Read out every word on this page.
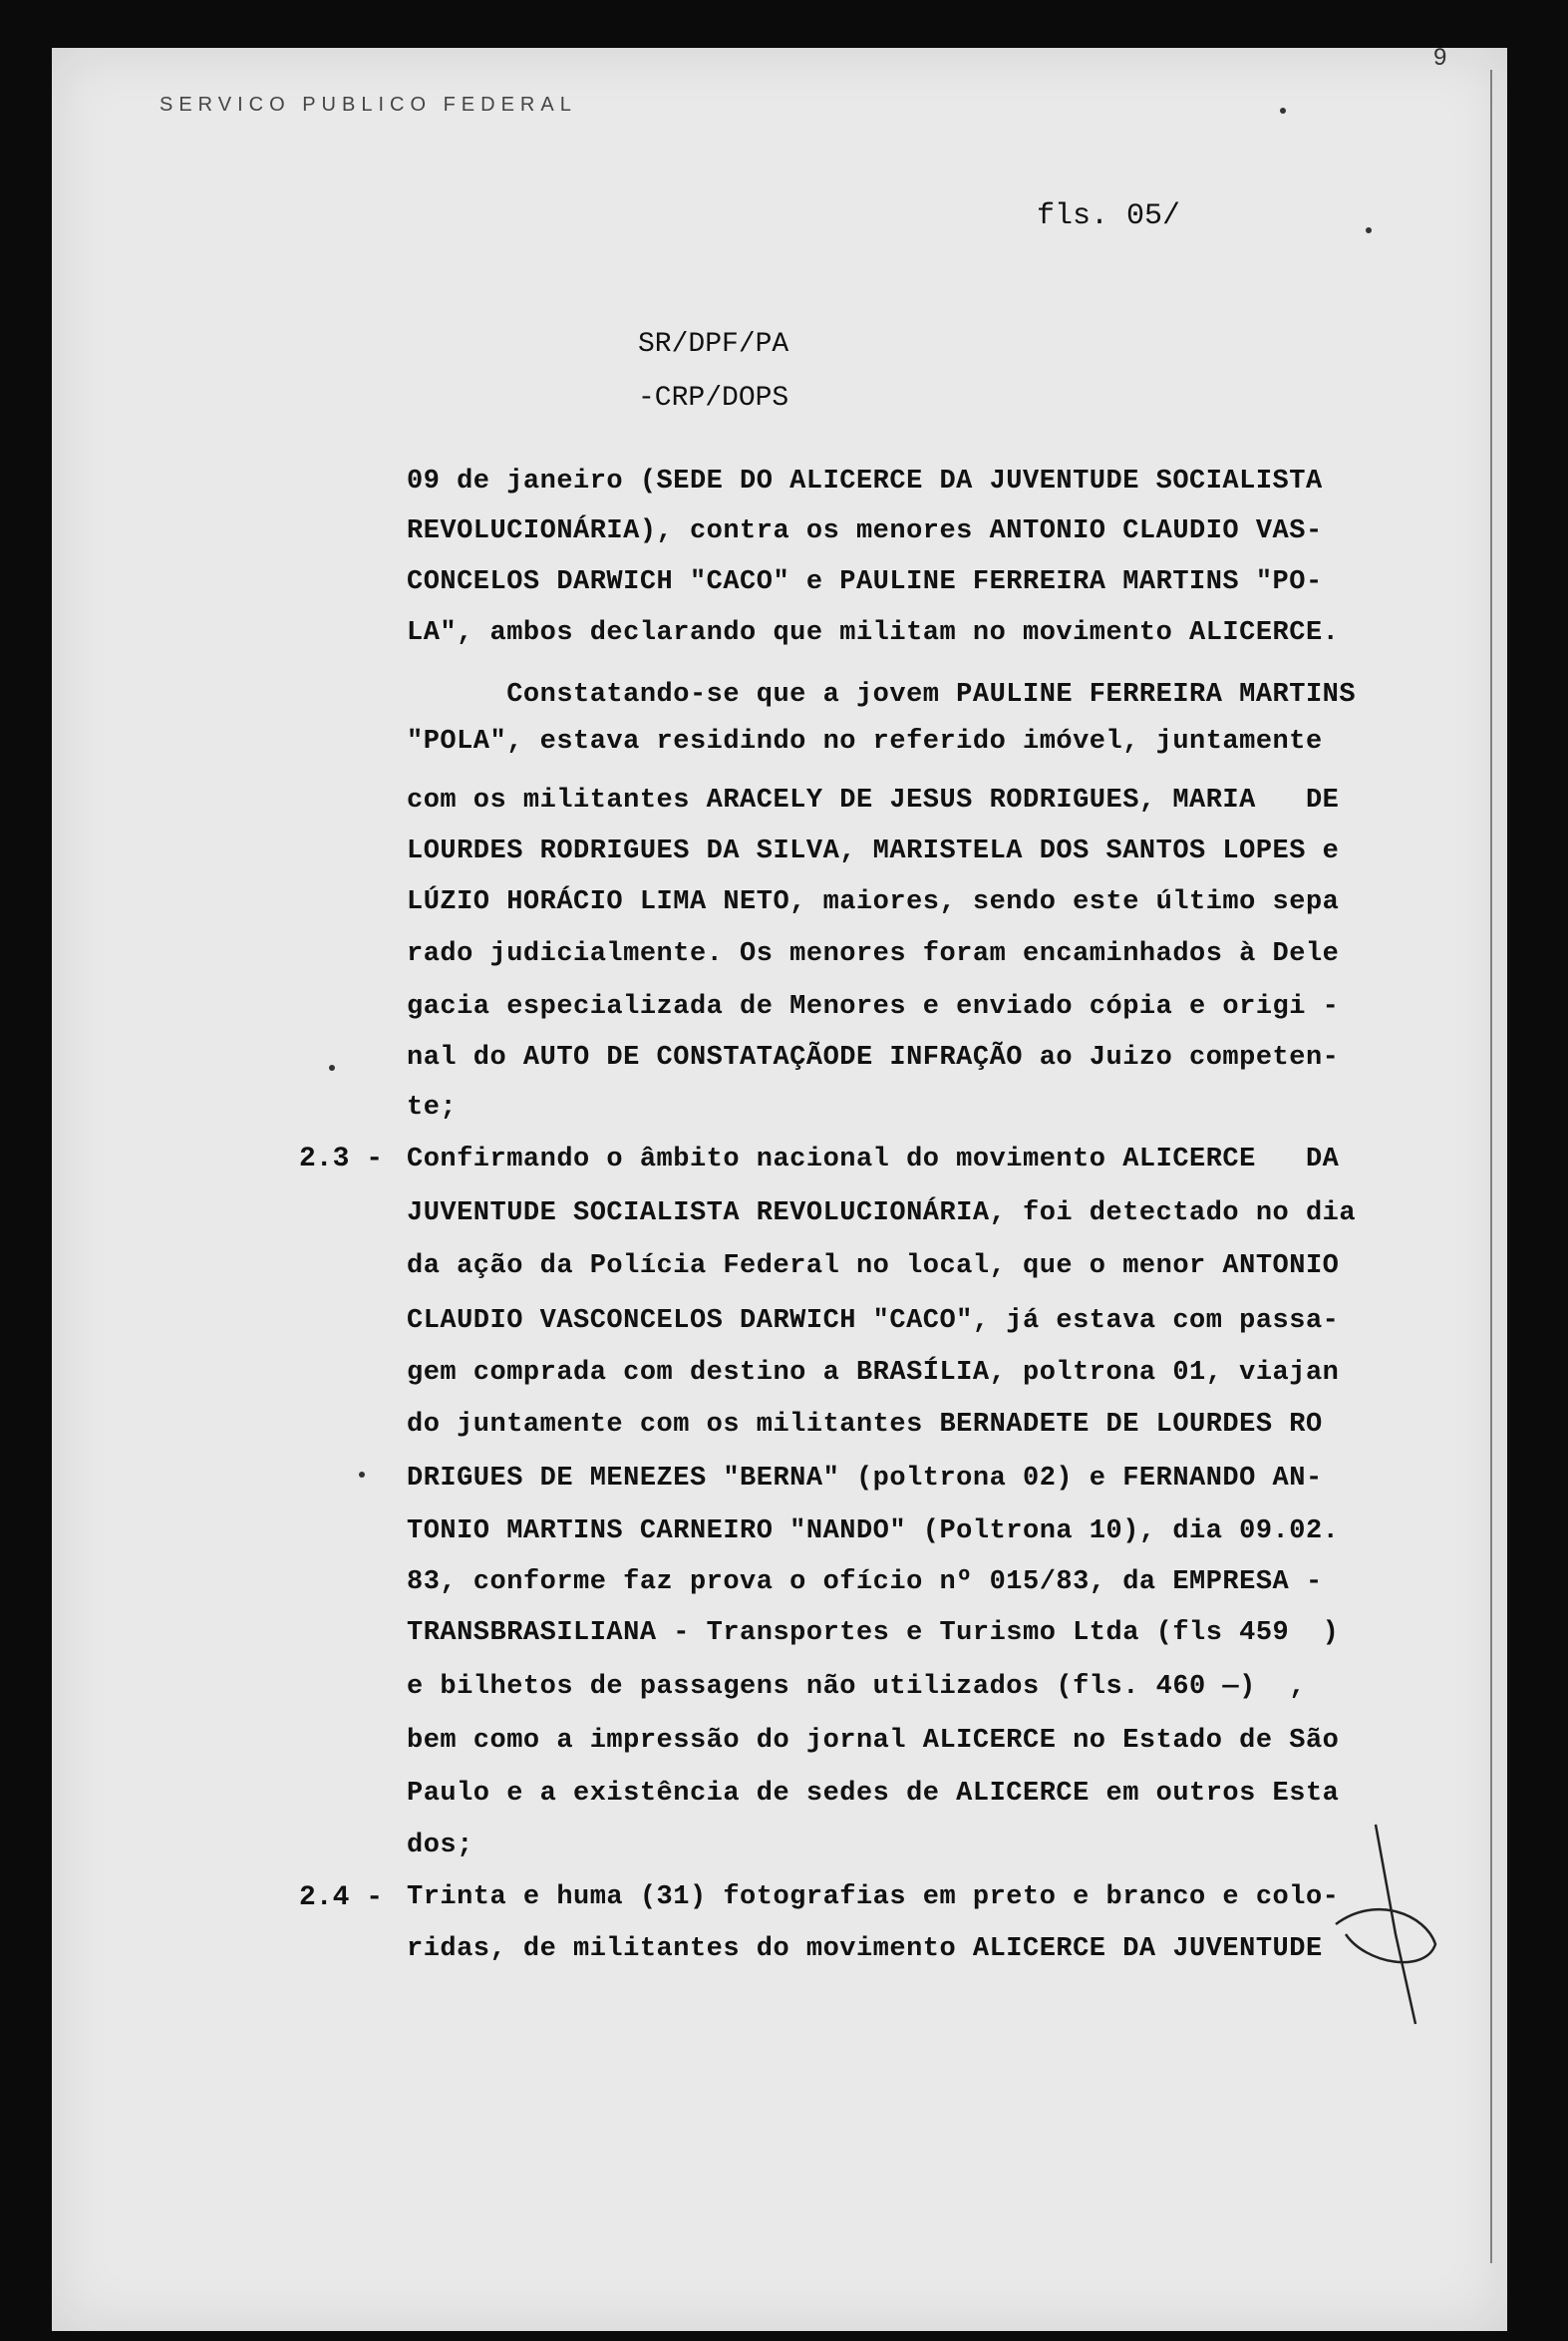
SERVICO PUBLICO FEDERAL
9
fls. 05/
SR/DPF/PA
-CRP/DOPS
09 de janeiro (SEDE DO ALICERCE DA JUVENTUDE SOCIALISTA
REVOLUCIONÁRIA), contra os menores ANTONIO CLAUDIO VAS-
CONCELOS DARWICH "CACO" e PAULINE FERREIRA MARTINS "PO-
LA", ambos declarando que militam no movimento ALICERCE.
Constatando-se que a jovem PAULINE FERREIRA MARTINS
"POLA", estava residindo no referido imóvel, juntamente
com os militantes ARACELY DE JESUS RODRIGUES, MARIA   DE
LOURDES RODRIGUES DA SILVA, MARISTELA DOS SANTOS LOPES e
LÚZIO HORÁCIO LIMA NETO, maiores, sendo este último sepa
rado judicialmente. Os menores foram encaminhados à Dele
gacia especializada de Menores e enviado cópia e origi -
nal do AUTO DE CONSTATAÇÃODE INFRAÇÃO ao Juizo competen-
te;
2.3 - Confirmando o âmbito nacional do movimento ALICERCE   DA
JUVENTUDE SOCIALISTA REVOLUCIONÁRIA, foi detectado no dia
da ação da Polícia Federal no local, que o menor ANTONIO
CLAUDIO VASCONCELOS DARWICH "CACO", já estava com passa-
gem comprada com destino a BRASÍLIA, poltrona 01, viajan
do juntamente com os militantes BERNADETE DE LOURDES RO
DRIGUES DE MENEZES "BERNA" (poltrona 02) e FERNANDO AN-
TONIO MARTINS CARNEIRO "NANDO" (Poltrona 10), dia 09.02.
83, conforme faz prova o ofício nº 015/83, da EMPRESA -
TRANSBRASILIANA - Transportes e Turismo Ltda (fls 459  )
e bilhetos de passagens não utilizados (fls. 460 —)  ,
bem como a impressão do jornal ALICERCE no Estado de São
Paulo e a existência de sedes de ALICERCE em outros Esta
dos;
2.4 - Trinta e huma (31) fotografias em preto e branco e colo-
ridas, de militantes do movimento ALICERCE DA JUVENTUDE
